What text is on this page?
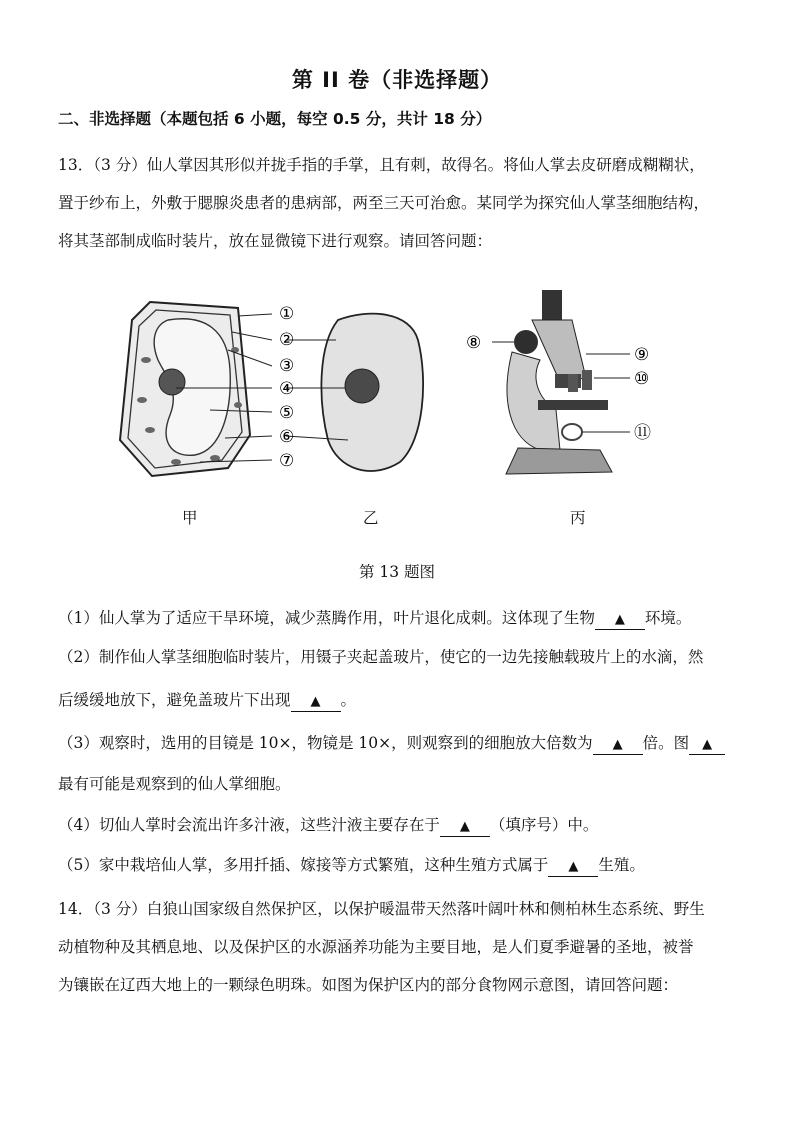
第 II 卷（非选择题）
二、非选择题（本题包括 6 小题，每空 0.5 分，共计 18 分）
13．（3 分）仙人掌因其形似并拢手指的手掌，且有刺，故得名。将仙人掌去皮研磨成糊糊状，
置于纱布上，外敷于腮腺炎患者的患病部，两至三天可治愈。某同学为探究仙人掌茎细胞结构，
将其茎部制成临时装片，放在显微镜下进行观察。请回答问题：
①
②
③
④
⑤
⑥
⑦
⑧
⑨
⑩
⑪
甲	乙	丙
第 13 题图
（1）仙人掌为了适应干旱环境，减少蒸腾作用，叶片退化成刺。这体现了生物 ▲ 环境。
（2）制作仙人掌茎细胞临时装片，用镊子夹起盖玻片，使它的一边先接触载玻片上的水滴，然
后缓缓地放下，避免盖玻片下出现 ▲ 。
（3）观察时，选用的目镜是 10×，物镜是 10×，则观察到的细胞放大倍数为 ▲ 倍。图 ▲
最有可能是观察到的仙人掌细胞。
（4）切仙人掌时会流出许多汁液，这些汁液主要存在于 ▲ （填序号）中。
（5）家中栽培仙人掌，多用扦插、嫁接等方式繁殖，这种生殖方式属于 ▲ 生殖。
14．（3 分）白狼山国家级自然保护区，以保护暖温带天然落叶阔叶林和侧柏林生态系统、野生
动植物种及其栖息地、以及保护区的水源涵养功能为主要目地，是人们夏季避暑的圣地，被誉
为镶嵌在辽西大地上的一颗绿色明珠。如图为保护区内的部分食物网示意图，请回答问题：
